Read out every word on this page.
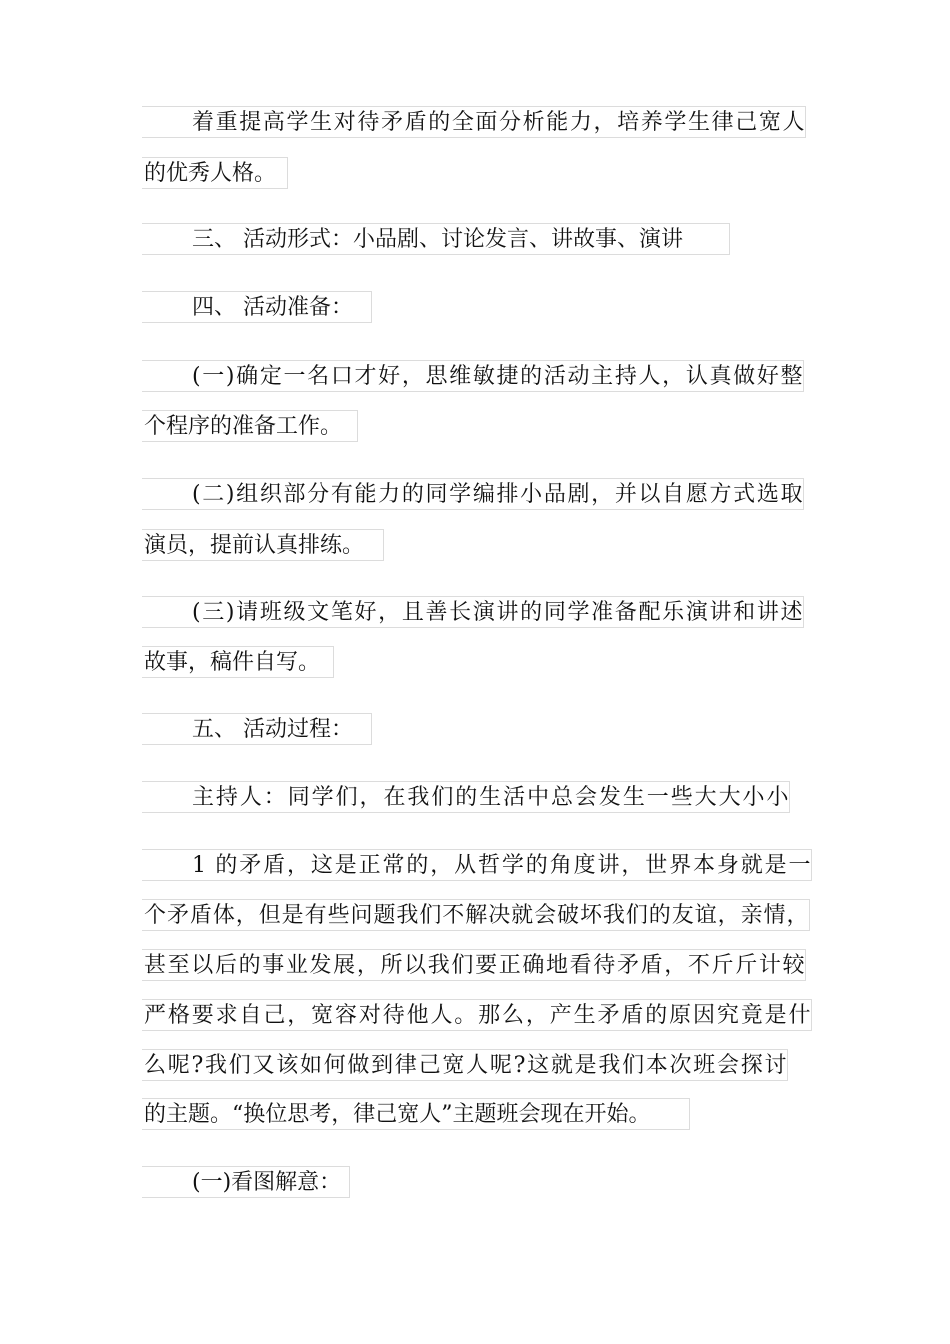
着重提高学生对待矛盾的全面分析能力，培养学生律己宽人
的优秀人格。
三、 活动形式：小品剧、讨论发言、讲故事、演讲
四、 活动准备：
(一)确定一名口才好，思维敏捷的活动主持人，认真做好整
个程序的准备工作。
(二)组织部分有能力的同学编排小品剧，并以自愿方式选取
演员，提前认真排练。
(三)请班级文笔好，且善长演讲的同学准备配乐演讲和讲述
故事，稿件自写。
五、 活动过程：
主持人：同学们，在我们的生活中总会发生一些大大小小
1 的矛盾，这是正常的，从哲学的角度讲，世界本身就是一
个矛盾体，但是有些问题我们不解决就会破坏我们的友谊，亲情，
甚至以后的事业发展，所以我们要正确地看待矛盾，不斤斤计较
严格要求自己，宽容对待他人。那么，产生矛盾的原因究竟是什
么呢?我们又该如何做到律己宽人呢?这就是我们本次班会探讨
的主题。“换位思考，律己宽人”主题班会现在开始。
(一)看图解意：
